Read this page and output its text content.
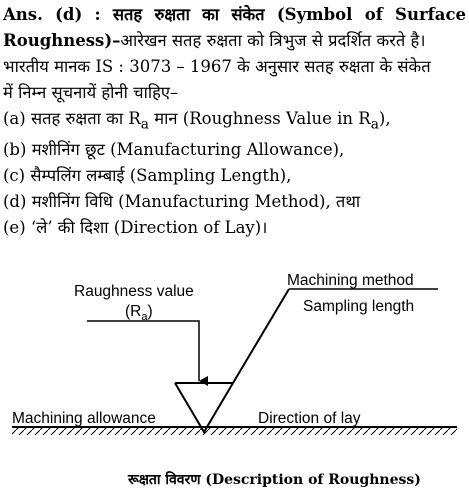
Ans. (d) : सतह रुक्षता का संकेत (Symbol of Surface
Roughness)–आरेखन सतह रुक्षता को त्रिभुज से प्रदर्शित करते है।
भारतीय मानक IS : 3073 – 1967 के अनुसार सतह रुक्षता के संकेत
में निम्न सूचनायें होनी चाहिए–
(a) सतह रुक्षता का $R_a$ मान (Roughness Value in $R_a$),
(b) मशीनिंग छूट (Manufacturing Allowance),
(c) सैम्पलिंग लम्बाई (Sampling Length),
(d) मशीनिंग विधि (Manufacturing Method), तथा
(e) ‘ले’ की दिशा (Direction of Lay)।
Raughness value
$(R_a)$
Machining method
Sampling length
Machining allowance	Direction of lay
रूक्षता विवरण (Description of Roughness)
